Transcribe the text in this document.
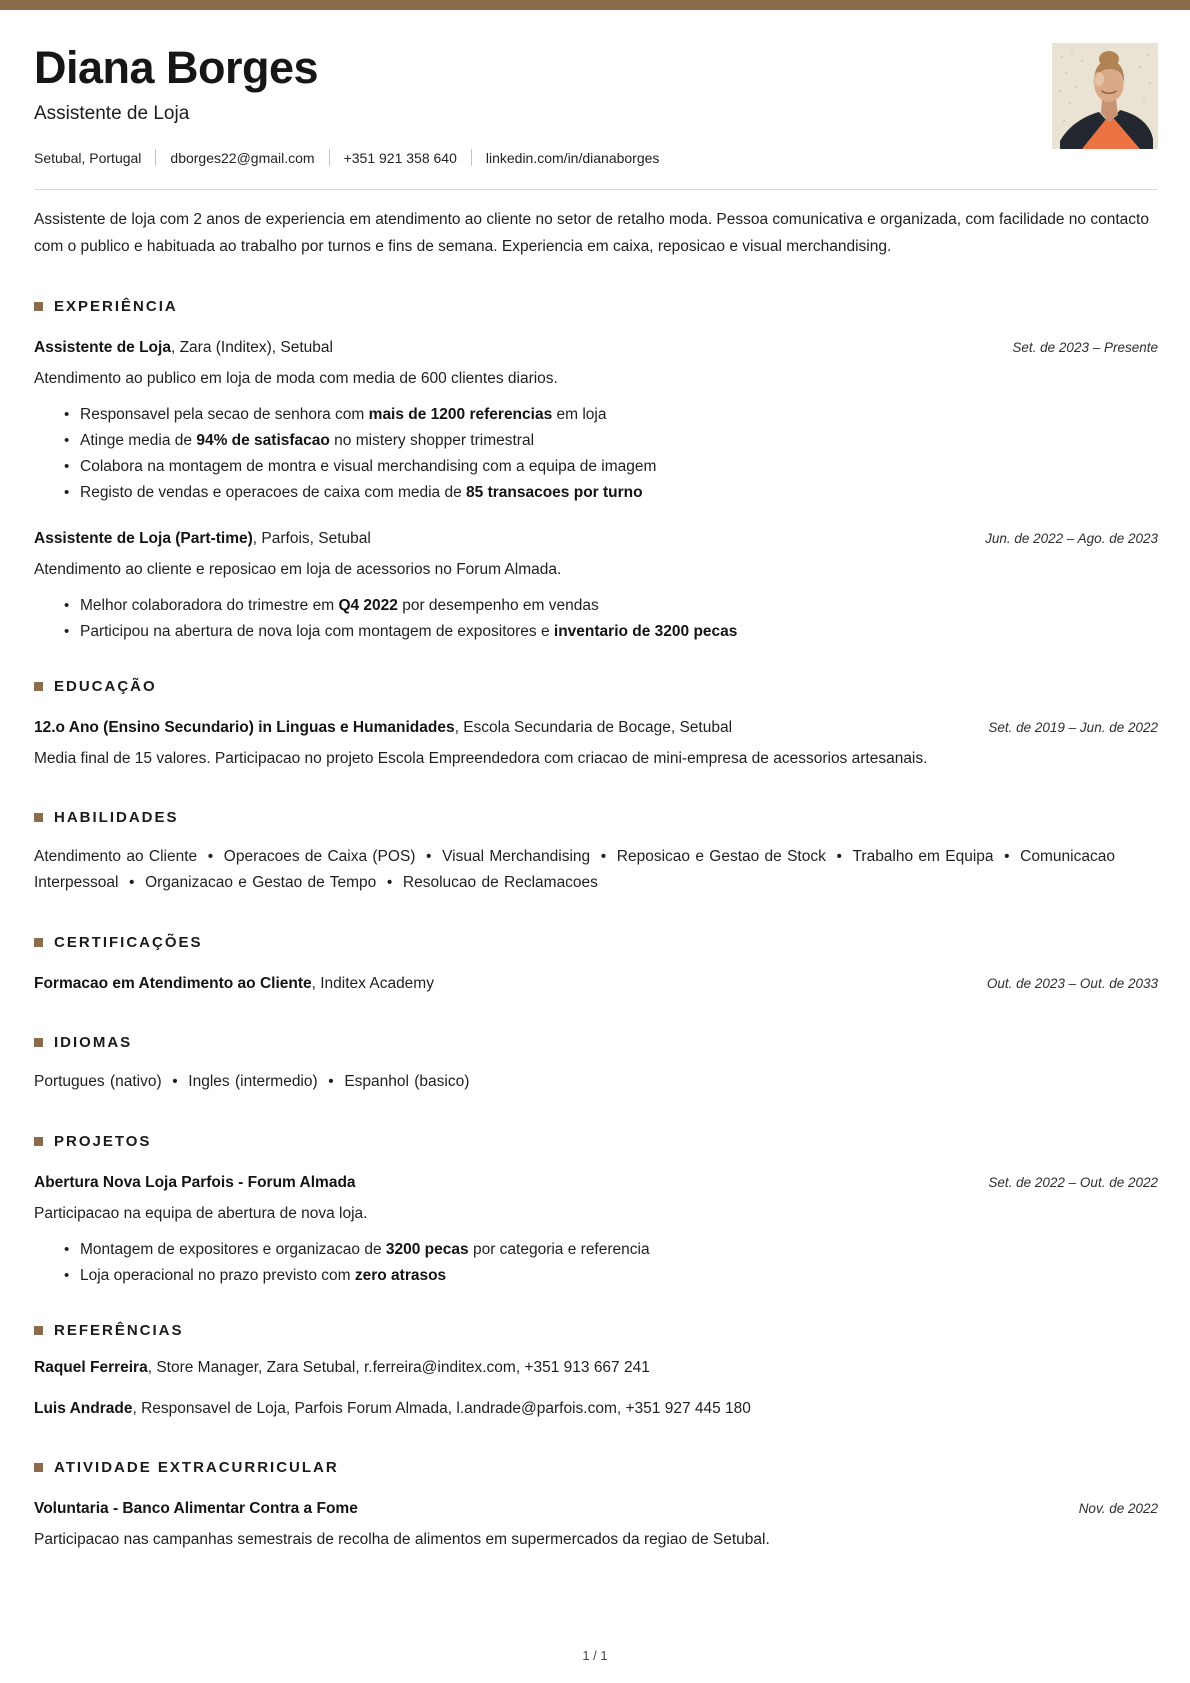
Diana Borges
Assistente de Loja
Setubal, Portugal dborges22@gmail.com +351 921 358 640 linkedin.com/in/dianaborges

Assistente de loja com 2 anos de experiencia em atendimento ao cliente no setor de retalho moda. Pessoa comunicativa e organizada, com facilidade no contacto com o publico e habituada ao trabalho por turnos e fins de semana. Experiencia em caixa, reposicao e visual merchandising.

EXPERIÊNCIA
Assistente de Loja, Zara (Inditex), Setubal	Set. de 2023 – Presente
Atendimento ao publico em loja de moda com media de 600 clientes diarios.
• Responsavel pela secao de senhora com mais de 1200 referencias em loja
• Atinge media de 94% de satisfacao no mistery shopper trimestral
• Colabora na montagem de montra e visual merchandising com a equipa de imagem
• Registo de vendas e operacoes de caixa com media de 85 transacoes por turno
Assistente de Loja (Part-time), Parfois, Setubal	Jun. de 2022 – Ago. de 2023
Atendimento ao cliente e reposicao em loja de acessorios no Forum Almada.
• Melhor colaboradora do trimestre em Q4 2022 por desempenho em vendas
• Participou na abertura de nova loja com montagem de expositores e inventario de 3200 pecas
EDUCAÇÃO
12.o Ano (Ensino Secundario) in Linguas e Humanidades, Escola Secundaria de Bocage, Setubal	Set. de 2019 – Jun. de 2022
Media final de 15 valores. Participacao no projeto Escola Empreendedora com criacao de mini-empresa de acessorios artesanais.
HABILIDADES
Atendimento ao Cliente  •  Operacoes de Caixa (POS)  •  Visual Merchandising  •  Reposicao e Gestao de Stock  •  Trabalho em Equipa  •  Comunicacao Interpessoal  •  Organizacao e Gestao de Tempo  •  Resolucao de Reclamacoes
CERTIFICAÇÕES
Formacao em Atendimento ao Cliente, Inditex Academy	Out. de 2023 – Out. de 2033
IDIOMAS
Portugues (nativo)  •  Ingles (intermedio)  •  Espanhol (basico)
PROJETOS
Abertura Nova Loja Parfois - Forum Almada	Set. de 2022 – Out. de 2022
Participacao na equipa de abertura de nova loja.
• Montagem de expositores e organizacao de 3200 pecas por categoria e referencia
• Loja operacional no prazo previsto com zero atrasos
REFERÊNCIAS
Raquel Ferreira, Store Manager, Zara Setubal, r.ferreira@inditex.com, +351 913 667 241
Luis Andrade, Responsavel de Loja, Parfois Forum Almada, l.andrade@parfois.com, +351 927 445 180
ATIVIDADE EXTRACURRICULAR
Voluntaria - Banco Alimentar Contra a Fome	Nov. de 2022
Participacao nas campanhas semestrais de recolha de alimentos em supermercados da regiao de Setubal.
1 / 1
